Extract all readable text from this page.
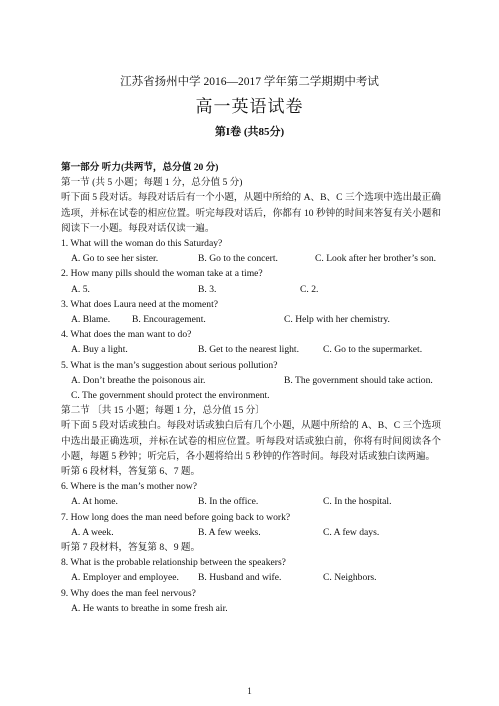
江苏省扬州中学 2016—2017 学年第二学期期中考试
高一英语试卷
第I卷 (共85分)
第一部分 听力(共两节，总分值 20 分)
第一节 (共 5 小题；每题 1 分，总分值 5 分)
听下面 5 段对话。每段对话后有一个小题，从题中所给的 A、B、C 三个选项中选出最正确选项，并标在试卷的相应位置。听完每段对话后，你都有 10 秒钟的时间来答复有关小题和阅读下一小题。每段对话仅读一遍。
1. What will the woman do this Saturday?
A. Go to see her sister.	B. Go to the concert.	C. Look after her brother’s son.
2. How many pills should the woman take at a time?
A. 5.	B. 3.	C. 2.
3. What does Laura need at the moment?
A. Blame.	B. Encouragement.	C. Help with her chemistry.
4. What does the man want to do?
A. Buy a light.	B. Get to the nearest light.	C. Go to the supermarket.
5. What is the man’s suggestion about serious pollution?
A. Don’t breathe the poisonous air.	B. The government should take action.
C. The government should protect the environment.
第二节 〔共 15 小题；每题 1 分，总分值 15 分〕
听下面 5 段对话或独白。每段对话或独白后有几个小题，从题中所给的 A、B、C 三个选项中选出最正确选项，并标在试卷的相应位置。听每段对话或独白前，你将有时间阅读各个小题，每题 5 秒钟；听完后，各小题将给出 5 秒钟的作答时间。每段对话或独白读两遍。
听第 6 段材料，答复第 6、7 题。
6. Where is the man’s mother now?
A. At home.	B. In the office.	C. In the hospital.
7. How long does the man need before going back to work?
A. A week.	B. A few weeks.	C. A few days.
听第 7 段材料，答复第 8、9 题。
8. What is the probable relationship between the speakers?
A. Employer and employee.	B. Husband and wife.	C. Neighbors.
9. Why does the man feel nervous?
A. He wants to breathe in some fresh air.
1
